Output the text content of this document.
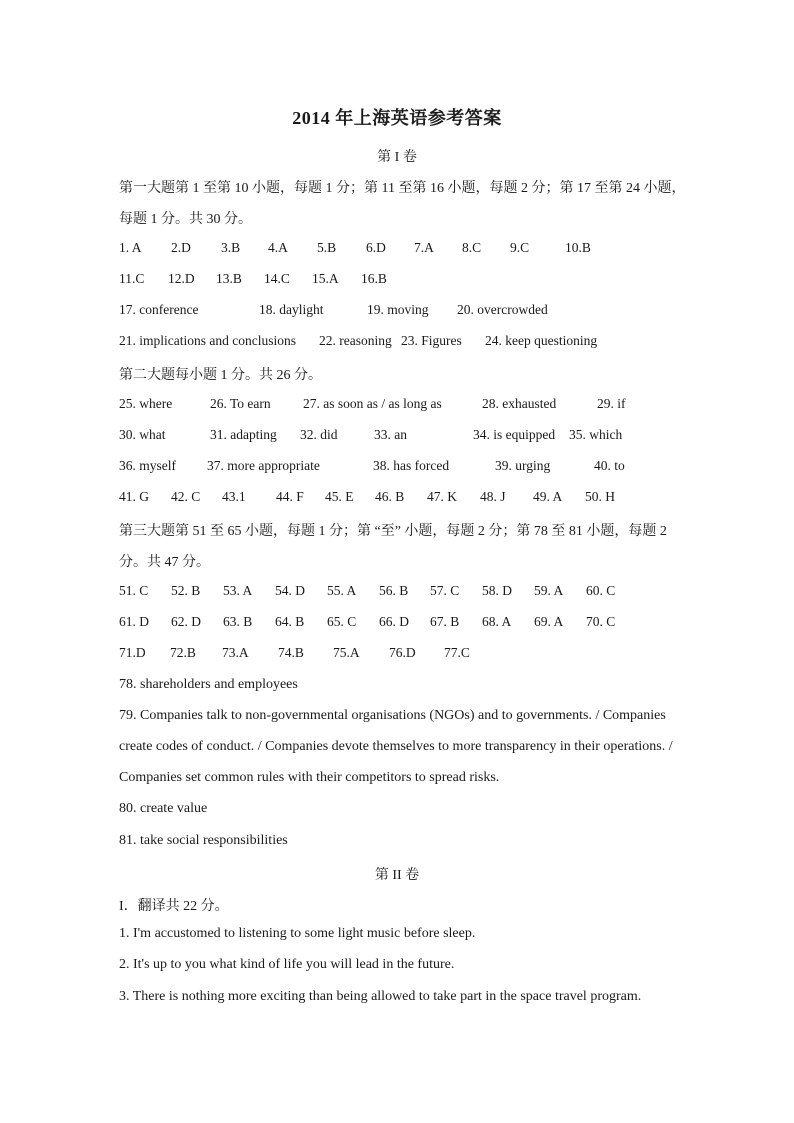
2014 年上海英语参考答案
第 I 卷
第一大题第 1 至第 10 小题，每题 1 分；第 11 至第 16 小题，每题 2 分；第 17 至第 24 小题，
每题 1 分。共 30 分。
1. A 2.D 3.B 4.A 5.B 6.D 7.A 8.C 9.C	10.B
11.C 12.D 13.B 14.C 15.A 16.B
17. conference	18. daylight	19. moving 20. overcrowded
21. implications and conclusions 22. reasoning 23. Figures 24. keep questioning
第二大题每小题 1 分。共 26 分。
25. where	26. To earn 27. as soon as / as long as	28. exhausted	29. if
30. what	31. adapting 32. did	33. an	34. is equipped 35. which
36. myself 37. more appropriate	38. has forced	39. urging	40. to
41. G 42. C 43.1 44. F 45. E 46. B 47. K 48. J 49. A 50. H
第三大题第 51 至 65 小题，每题 1 分；第 “至” 小题，每题 2 分；第 78 至 81 小题，每题 2
分。共 47 分。
51. C 52. B 53. A 54. D 55. A 56. B 57. C 58. D 59. A 60. C
61. D 62. D 63. B 64. B 65. C 66. D 67. B 68. A 69. A 70. C
71.D 72.B 73.A 74.B 75.A 76.D 77.C
78. shareholders and employees
79. Companies talk to non-governmental organisations (NGOs) and to governments. / Companies
create codes of conduct. / Companies devote themselves to more transparency in their operations. /
Companies set common rules with their competitors to spread risks.
80. create value
81. take social responsibilities
第 II 卷
I．翻译共 22 分。
1. I'm accustomed to listening to some light music before sleep.
2. It's up to you what kind of life you will lead in the future.
3. There is nothing more exciting than being allowed to take part in the space travel program.
